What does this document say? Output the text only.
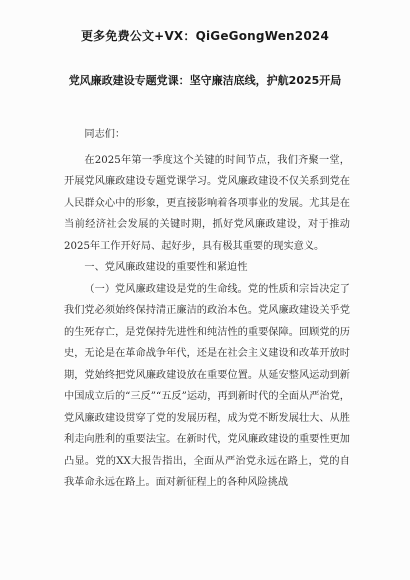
更多免费公文+VX：QiGeGongWen2024
党风廉政建设专题党课：坚守廉洁底线，护航2025开局

同志们：

在2025年第一季度这个关键的时间节点，我们齐聚一堂，开展党风廉政建设专题党课学习。党风廉政建设不仅关系到党在人民群众心中的形象，更直接影响着各项事业的发展。尤其是在当前经济社会发展的关键时期，抓好党风廉政建设，对于推动2025年工作开好局、起好步，具有极其重要的现实意义。

一、党风廉政建设的重要性和紧迫性

（一）党风廉政建设是党的生命线。党的性质和宗旨决定了我们党必须始终保持清正廉洁的政治本色。党风廉政建设关乎党的生死存亡，是党保持先进性和纯洁性的重要保障。回顾党的历史，无论是在革命战争年代，还是在社会主义建设和改革开放时期，党始终把党风廉政建设放在重要位置。从延安整风运动到新中国成立后的“三反”“五反”运动，再到新时代的全面从严治党，党风廉政建设贯穿了党的发展历程，成为党不断发展壮大、从胜利走向胜利的重要法宝。在新时代，党风廉政建设的重要性更加凸显。党的XX大报告指出，全面从严治党永远在路上，党的自我革命永远在路上。面对新征程上的各种风险挑战
